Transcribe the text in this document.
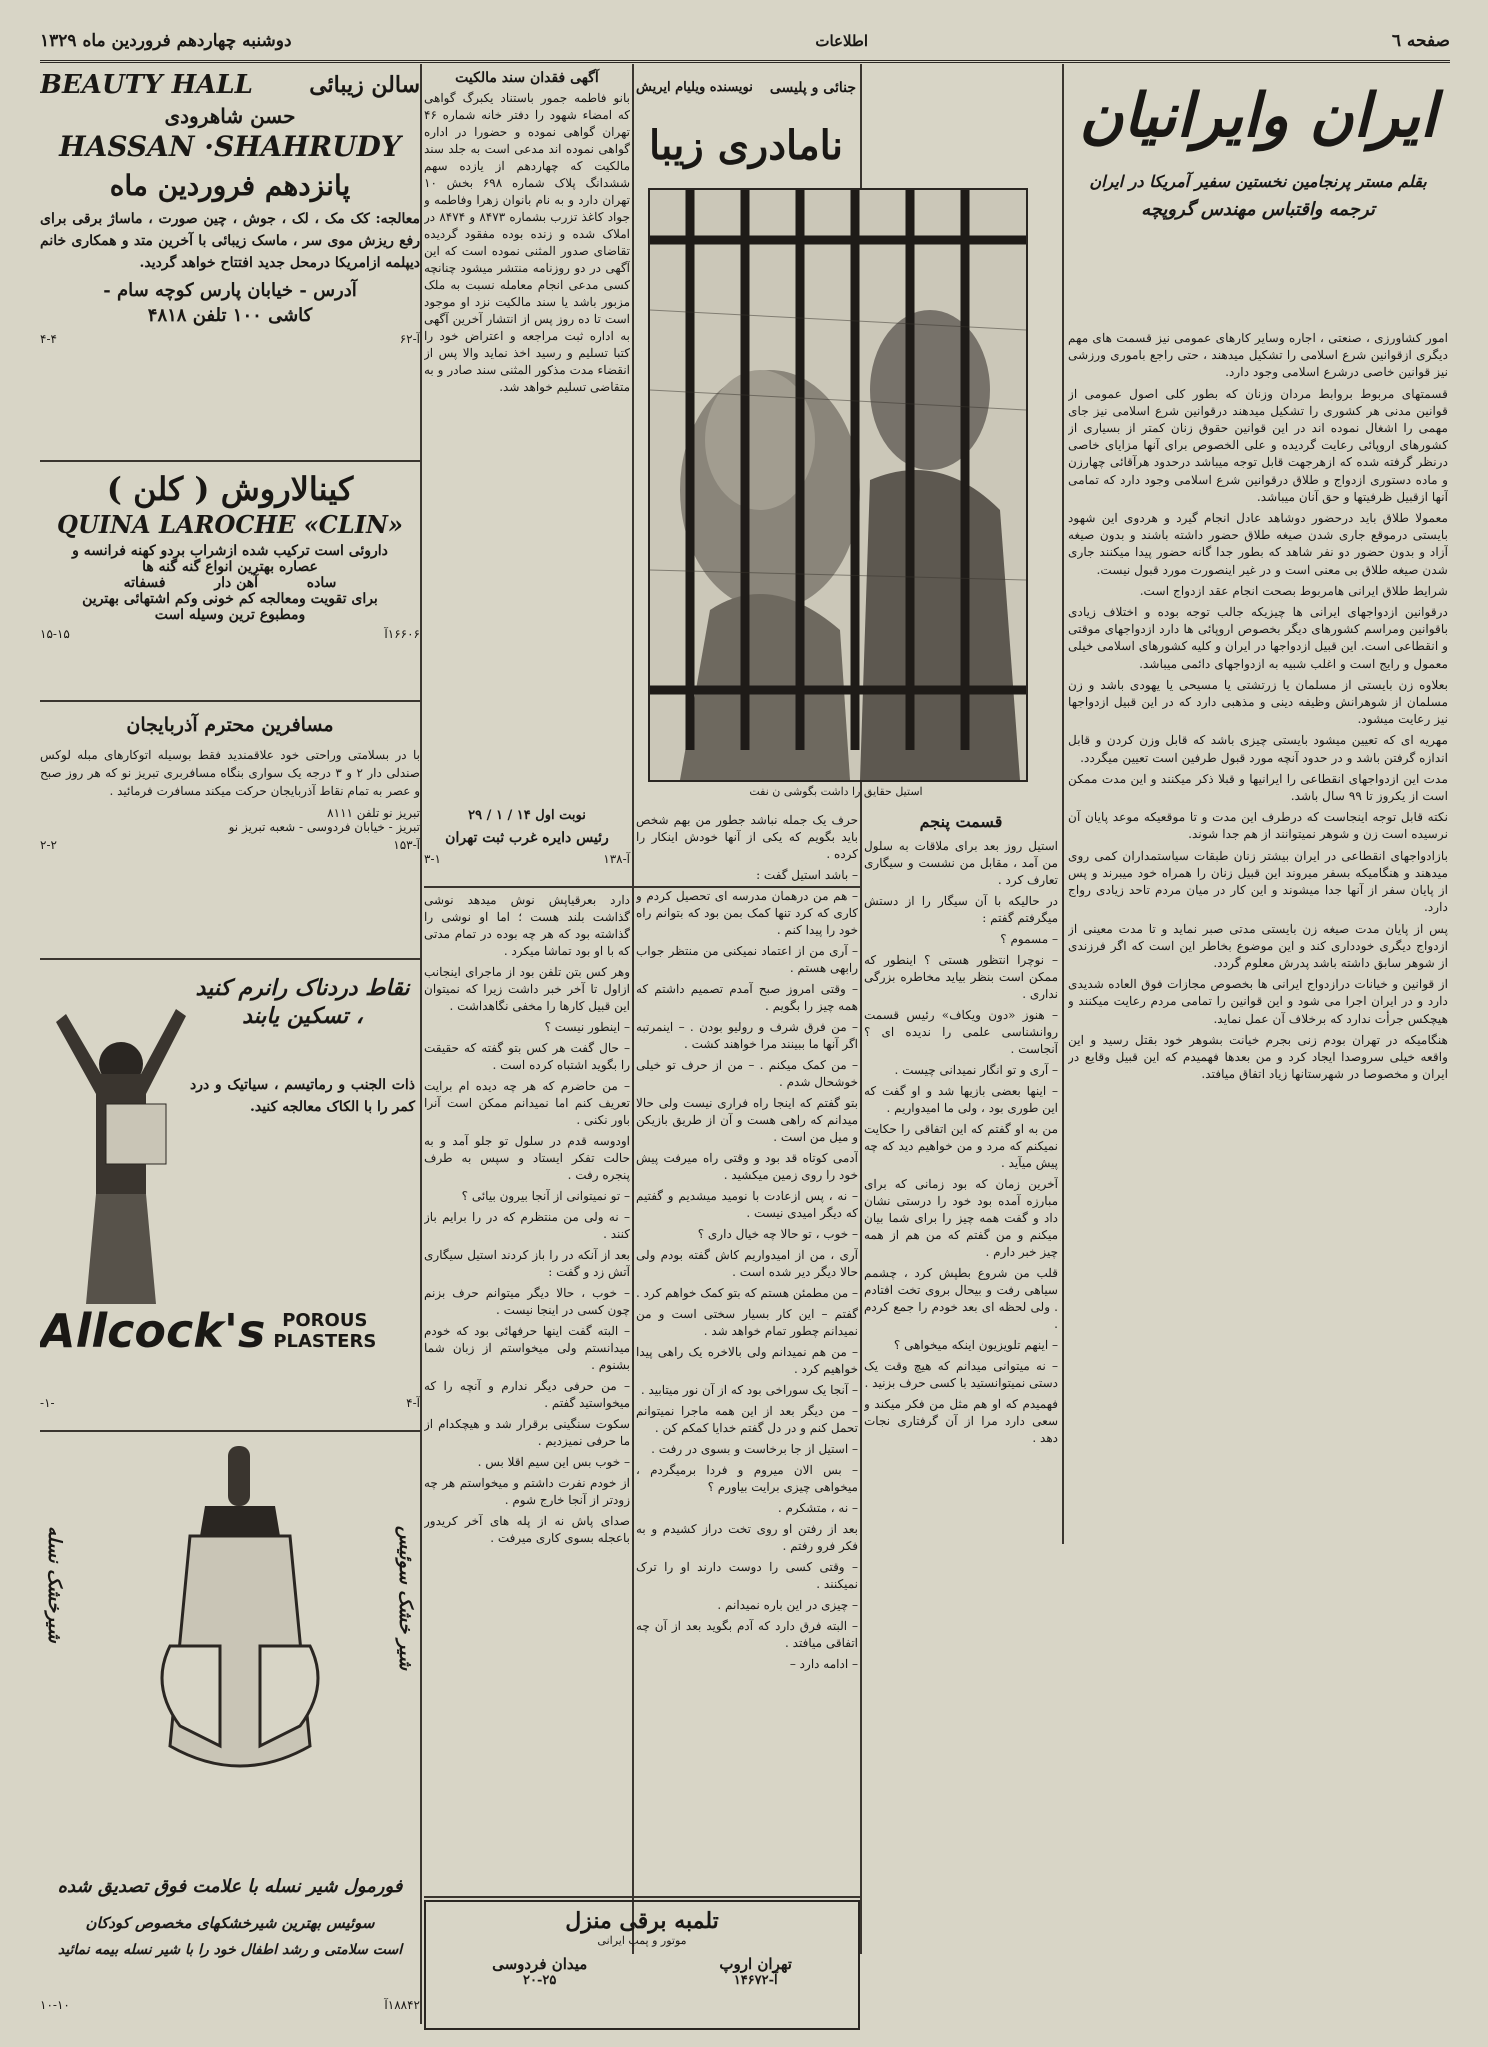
صفحه ٦
اطلاعات
دوشنبه چهاردهم فروردین ماه ۱۳۲۹
ایران وایرانیان
بقلم مستر پرنجامین نخستین سفیر آمریکا در ایران
ترجمه واقتباس مهندس گروپچه

امور کشاورزی ، صنعتی ، اجاره وسایر کارهای عمومی نیز قسمت های مهم دیگری ازقوانین شرع اسلامی را تشکیل میدهند ، حتی راجع باموری ورزشی نیز قوانین خاصی درشرع اسلامی وجود دارد.

قسمتهای مربوط بروابط مردان وزنان که بطور کلی اصول عمومی از قوانین مدنی هر کشوری را تشکیل میدهند درقوانین شرع اسلامی نیز جای مهمی را اشغال نموده اند در این قوانین حقوق زنان کمتر از بسیاری از کشورهای اروپائی رعایت گردیده و علی الخصوص برای آنها مزایای خاصی درنظر گرفته شده که ازهرجهت قابل توجه میباشد درحدود هرآقائی چهارزن و ماده دستوری ازدواج و طلاق درقوانین شرع اسلامی وجود دارد که تمامی آنها ازقبیل ظرفیتها و حق آنان میباشد.

معمولا طلاق باید درحضور دوشاهد عادل انجام گیرد و هردوی این شهود بایستی درموقع جاری شدن صیغه طلاق حضور داشته باشند و بدون صیغه آزاد و بدون حضور دو نفر شاهد که بطور جدا گانه حضور پیدا میکنند جاری شدن صیغه طلاق بی معنی است و در غیر اینصورت مورد قبول نیست.

شرایط طلاق ایرانی هامربوط بصحت انجام عقد ازدواج است.

درقوانین ازدواجهای ایرانی ها چیزیکه جالب توجه بوده و اختلاف زیادی باقوانین ومراسم کشورهای دیگر بخصوص اروپائی ها دارد ازدواجهای موقتی و انقطاعی است. این قبیل ازدواجها در ایران و کلیه کشورهای اسلامی خیلی معمول و رایج است و اغلب شبیه به ازدواجهای دائمی میباشد.

بعلاوه زن بایستی از مسلمان یا زرتشتی یا مسیحی یا یهودی باشد و زن مسلمان از شوهرانش وظیفه دینی و مذهبی دارد که در این قبیل ازدواجها نیز رعایت میشود.

مهریه ای که تعیین میشود بایستی چیزی باشد که قابل وزن کردن و قابل اندازه گرفتن باشد و در حدود آنچه مورد قبول طرفین است تعیین میگردد.

مدت این ازدواجهای انقطاعی را ایرانیها و قبلا ذکر میکنند و این مدت ممکن است از یکروز تا ۹۹ سال باشد.

نکته قابل توجه اینجاست که درطرف این مدت و تا موقعیکه موعد پایان آن نرسیده است زن و شوهر نمیتوانند از هم جدا شوند.

بازادواجهای انقطاعی در ایران بیشتر زنان طبقات سیاستمداران کمی روی میدهند و هنگامیکه بسفر میروند این قبیل زنان را همراه خود میبرند و پس از پایان سفر از آنها جدا میشوند و این کار در میان مردم تاحد زیادی رواج دارد.

پس از پایان مدت صیغه زن بایستی مدتی صبر نماید و تا مدت معینی از ازدواج دیگری خودداری کند و این موضوع بخاطر این است که اگر فرزندی از شوهر سابق داشته باشد پدرش معلوم گردد.

از قوانین و خیانات درازدواج ایرانی ها بخصوص مجازات فوق العاده شدیدی دارد و در ایران اجرا می شود و این قوانین را تمامی مردم رعایت میکنند و هیچکس جرأت ندارد که برخلاف آن عمل نماید.

هنگامیکه در تهران بودم زنی بجرم خیانت بشوهر خود بقتل رسید و این واقعه خیلی سروصدا ایجاد کرد و من بعدها فهمیدم که این قبیل وقایع در ایران و مخصوصا در شهرستانها زیاد اتفاق میافتد.

جنائی و پلیسی
نویسنده ویلیام ایریش
نامادری زیبا
استیل حقایق را داشت بگوشی ن نفت
قسمت پنجم

استیل روز بعد برای ملاقات به سلول من آمد ، مقابل من نشست و سیگاری تعارف کرد .

در حالیکه با آن سیگار را از دستش میگرفتم گفتم :

– مسموم ؟

– نوچرا انتظور هستی ؟ اینطور که ممکن است بنظر بیاید مخاطره بزرگی نداری .

– هنوز «دون ویکاف» رئیس قسمت روانشناسی علمی را ندیده ای ؟ آنجاست .

– آری و تو انگار نمیدانی چیست .

– اینها بعضی بازیها شد و او گفت که این طوری بود ، ولی ما امیدواریم .

من به او گفتم که این اتفاقی را حکایت نمیکنم که مرد و من خواهیم دید که چه پیش میآید .

آخرین زمان که بود زمانی که برای مبارزه آمده بود خود را درستی نشان داد و گفت همه چیز را برای شما بیان میکنم و من گفتم که من هم از همه چیز خبر دارم .

قلب من شروع بطپش کرد ، چشمم سیاهی رفت و بیحال بروی تخت افتادم . ولی لحظه ای بعد خودم را جمع کردم .

– اینهم تلویزیون اینکه میخواهی ؟

– نه میتوانی میدانم که هیچ وقت یک دستی نمیتوانستید با کسی حرف بزنید .

فهمیدم که او هم مثل من فکر میکند و سعی دارد مرا از آن گرفتاری نجات دهد .

حرف یک جمله نباشد جطور من بهم شخص باید بگویم که یکی از آنها خودش اینکار را کرده .

– باشد استیل گفت :

– هم من درهمان مدرسه ای تحصیل کردم و کاری که کرد تنها کمک بمن بود که بتوانم راه خود را پیدا کنم .

– آری من از اعتماد نمیکنی من منتظر جواب رابهی هستم .

– وقتی امروز صبح آمدم تصمیم داشتم که همه چیز را بگویم .

– من فرق شرف و رولیو بودن . – اینمرتبه اگر آنها ما ببینند مرا خواهند کشت .

– من کمک میکنم . – من از حرف تو خیلی خوشحال شدم .

بتو گفتم که اینجا راه فراری نیست ولی حالا میدانم که راهی هست و آن از طریق بازیکن و میل من است .

آدمی کوتاه قد بود و وقتی راه میرفت پیش خود را روی زمین میکشید .

– نه ، پس ازعادت با نومید میشدیم و گفتیم که دیگر امیدی نیست .

– خوب ، تو حالا چه خیال داری ؟

آری ، من از امیدواریم کاش گفته بودم ولی حالا دیگر دیر شده است .

– من مطمئن هستم که بتو کمک خواهم کرد .

گفتم – این کار بسیار سختی است و من نمیدانم چطور تمام خواهد شد .

– من هم نمیدانم ولی بالاخره یک راهی پیدا خواهیم کرد .

– آنجا یک سوراخی بود که از آن نور میتابید .

– من دیگر بعد از این همه ماجرا نمیتوانم تحمل کنم و در دل گفتم خدایا کمکم کن .

– استیل از جا برخاست و بسوی در رفت .

– بس الان میروم و فردا برمیگردم ، میخواهی چیزی برایت بیاورم ؟

– نه ، متشکرم .

بعد از رفتن او روی تخت دراز کشیدم و به فکر فرو رفتم .

– وقتی کسی را دوست دارند او را ترک نمیکنند .

– چیزی در این باره نمیدانم .

– البته فرق دارد که آدم بگوید بعد از آن چه اتفاقی میافتد .

– ادامه دارد –

آگهی فقدان سند مالکیت
بانو فاطمه جمور باستناد یکبرگ گواهی که امضاء شهود را دفتر خانه شماره ۴۶ تهران گواهی نموده و حضورا در اداره گواهی نموده اند مدعی است به جلد سند مالکیت که چهاردهم از یازده سهم ششدانگ پلاک شماره ۶۹۸ بخش ۱۰ تهران دارد و به نام بانوان زهرا وفاطمه و جواد کاغذ تزرب بشماره ۸۴۷۳ و ۸۴۷۴ در املاک شده و زنده بوده مفقود گردیده تقاضای صدور المثنی نموده است که این آگهی در دو روزنامه منتشر میشود چنانچه کسی مدعی انجام معامله نسبت به ملک مزبور باشد یا سند مالکیت نزد او موجود است تا ده روز پس از انتشار آخرین آگهی به اداره ثبت مراجعه و اعتراض خود را کتبا تسلیم و رسید اخذ نماید والا پس از انقضاء مدت مذکور المثنی سند صادر و به متقاضی تسلیم خواهد شد.
نوبت اول ۱۴ / ۱ / ۲۹
رئیس دایره غرب ثبت تهران
آ-۱۳۸
۳-۱

دارد بعرقیاپش نوش میدهد نوشی گذاشت بلند هست ؛ اما او نوشی را گذاشته بود که هر چه بوده در تمام مدتی که با او بود تماشا میکرد .

وهر کس بتن تلفن بود از ماجرای اینجانب ازاول تا آخر خبر داشت زیرا که نمیتوان این قبیل کارها را مخفی نگاهداشت .

– اینطور نیست ؟

– حال گفت هر کس بتو گفته که حقیقت را بگوید اشتباه کرده است .

– من حاضرم که هر چه دیده ام برایت تعریف کنم اما نمیدانم ممکن است آنرا باور نکنی .

اودوسه قدم در سلول تو جلو آمد و به حالت تفکر ایستاد و سپس به طرف پنجره رفت .

– تو نمیتوانی از آنجا بیرون بیائی ؟

– نه ولی من منتظرم که در را برایم باز کنند .

بعد از آنکه در را باز کردند استیل سیگاری آتش زد و گفت :

– خوب ، حالا دیگر میتوانم حرف بزنم چون کسی در اینجا نیست .

– البته گفت اینها حرفهائی بود که خودم میدانستم ولی میخواستم از زبان شما بشنوم .

– من حرفی دیگر ندارم و آنچه را که میخواستید گفتم .

سکوت سنگینی برقرار شد و هیچکدام از ما حرفی نمیزدیم .

– خوب بس این سیم اقلا بس .

از خودم نفرت داشتم و میخواستم هر چه زودتر از آنجا خارج شوم .

صدای پاش نه از پله های آخر کریدور باعجله بسوی کاری میرفت .

تلمبه برقی منزل
موتور و پمپ ایرانی
تهران اروپ
آ-۱۴۶۷۲
میدان فردوسی
۲۰-۲۵
BEAUTY HALL	سالن زیبائی
حسن شاهرودی
HASSAN ·SHAHRUDY
پانزدهم فروردین ماه
معالجه: کک مک ، لک ، جوش ، چین صورت ، ماساژ برقی برای رفع ریزش موی سر ، ماسک زیبائی با آخرین متد و همکاری خانم دیپلمه ازامریکا درمحل جدید افتتاح خواهد گردید.
آدرس - خیابان پارس کوچه سام -
کاشی ۱۰۰ تلفن ۴۸۱۸
آ-۶۲
۴-۴
کینالاروش ( کلن )
QUINA LAROCHE «CLIN»
داروئی است ترکیب شده ازشراب بردو کهنه فرانسه و
عصاره بهترین انواع گنه گنه ها
ساده          آهن دار          فسفاته
برای تقویت ومعالجه کم خونی وکم اشتهائی بهترین
ومطبوع ترین وسیله است
۱۶۶۰۶آ
۱۵-۱۵
مسافرین محترم آذربایجان
با در بسلامتی وراحتی خود علاقمندید فقط بوسیله اتوکارهای مبله لوکس صندلی دار ۲ و ۳ درجه یک سواری بنگاه مسافربری تبریز نو که هر روز صبح و عصر به تمام نقاط آذربایجان حرکت میکند مسافرت فرمائید .
تبریز نو تلفن ۸۱۱۱
تبریز - خیابان فردوسی - شعبه تبریز نو
آ-۱۵۳
۲-۲
نقاط دردناک رانرم کنید ، تسکین یابند
ذات الجنب و رماتیسم ، سیاتیک و درد کمر را با الکاک معالجه کنید.
Allcock's POROUS
PLASTERS
آ-۴
-۱-
شیر خشک سوئیس
شیرخشک نسله
فورمول شیر نسله با علامت فوق تصدیق شده
سوئیس بهترین شیرخشکهای مخصوص کودکان
است سلامتی و رشد اطفال خود را با شیر نسله بیمه نمائید
۱۸۸۴۲آ
۱۰-۱۰
